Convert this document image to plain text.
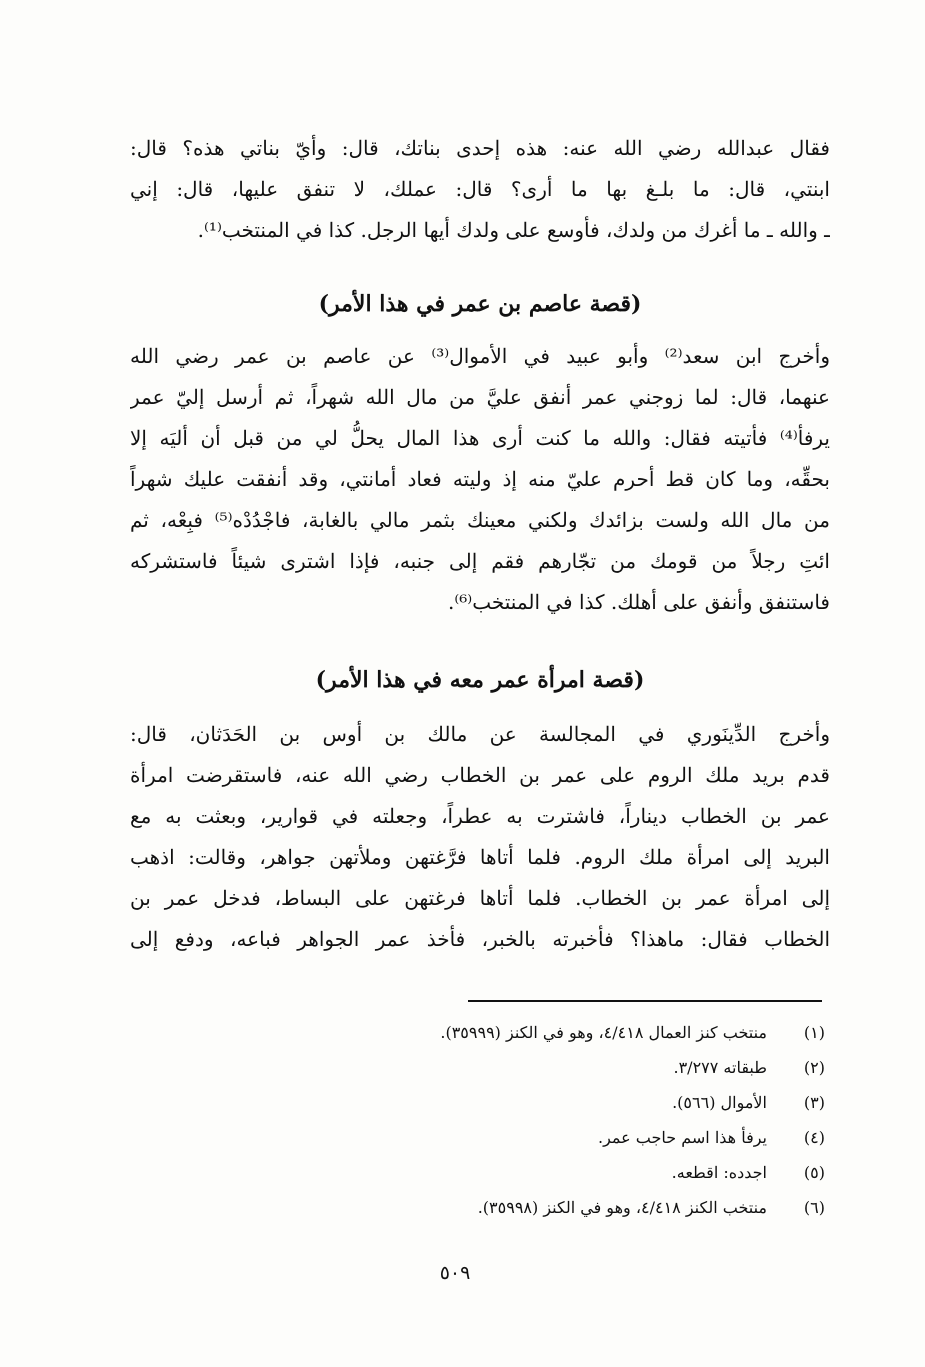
فقال عبدالله رضي الله عنه: هذه إحدى بناتك، قال: وأيّ بناتي هذه؟ قال:
ابنتي، قال: ما بلـغ بها ما أرى؟ قال: عملك، لا تنفق عليها، قال: إني
ـ والله ـ ما أغرك من ولدك، فأوسع على ولدك أيها الرجل. كذا في المنتخب⁽¹⁾.
(قصة عاصم بن عمر في هذا الأمر)
وأخرج ابن سعد⁽²⁾ وأبو عبيد في الأموال⁽³⁾ عن عاصم بن عمر رضي الله
عنهما، قال: لما زوجني عمر أنفق عليَّ من مال الله شهراً، ثم أرسل إليّ عمر
يرفأ⁽⁴⁾ فأتيته فقال: والله ما كنت أرى هذا المال يحلُّ لي من قبل أن أليَه إلا
بحقِّه، وما كان قط أحرم عليّ منه إذ وليته فعاد أمانتي، وقد أنفقت عليك شهراً
من مال الله ولست بزائدك ولكني معينك بثمر مالي بالغابة، فاجْدُدْه⁽⁵⁾ فبِعْه، ثم
ائتِ رجلاً من قومك من تجّارهم فقم إلى جنبه، فإذا اشترى شيئاً فاستشركه
فاستنفق وأنفق على أهلك. كذا في المنتخب⁽⁶⁾.
(قصة امرأة عمر معه في هذا الأمر)
وأخرج الدِّينَوري في المجالسة عن مالك بن أوس بن الحَدَثان، قال:
قدم بريد ملك الروم على عمر بن الخطاب رضي الله عنه، فاستقرضت امرأة
عمر بن الخطاب ديناراً، فاشترت به عطراً، وجعلته في قوارير، وبعثت به مع
البريد إلى امرأة ملك الروم. فلما أتاها فرَّغتهن وملأتهن جواهر، وقالت: اذهب
إلى امرأة عمر بن الخطاب. فلما أتاها فرغتهن على البساط، فدخل عمر بن
الخطاب فقال: ماهذا؟ فأخبرته بالخبر، فأخذ عمر الجواهر فباعه، ودفع إلى
(١)
منتخب كنز العمال ٤/٤١٨، وهو في الكنز (٣٥٩٩٩).
(٢)
طبقاته ٣/٢٧٧.
(٣)
الأموال (٥٦٦).
(٤)
يرفأ هذا اسم حاجب عمر.
(٥)
اجدده: اقطعه.
(٦)
منتخب الكنز ٤/٤١٨، وهو في الكنز (٣٥٩٩٨).
٥٠٩
